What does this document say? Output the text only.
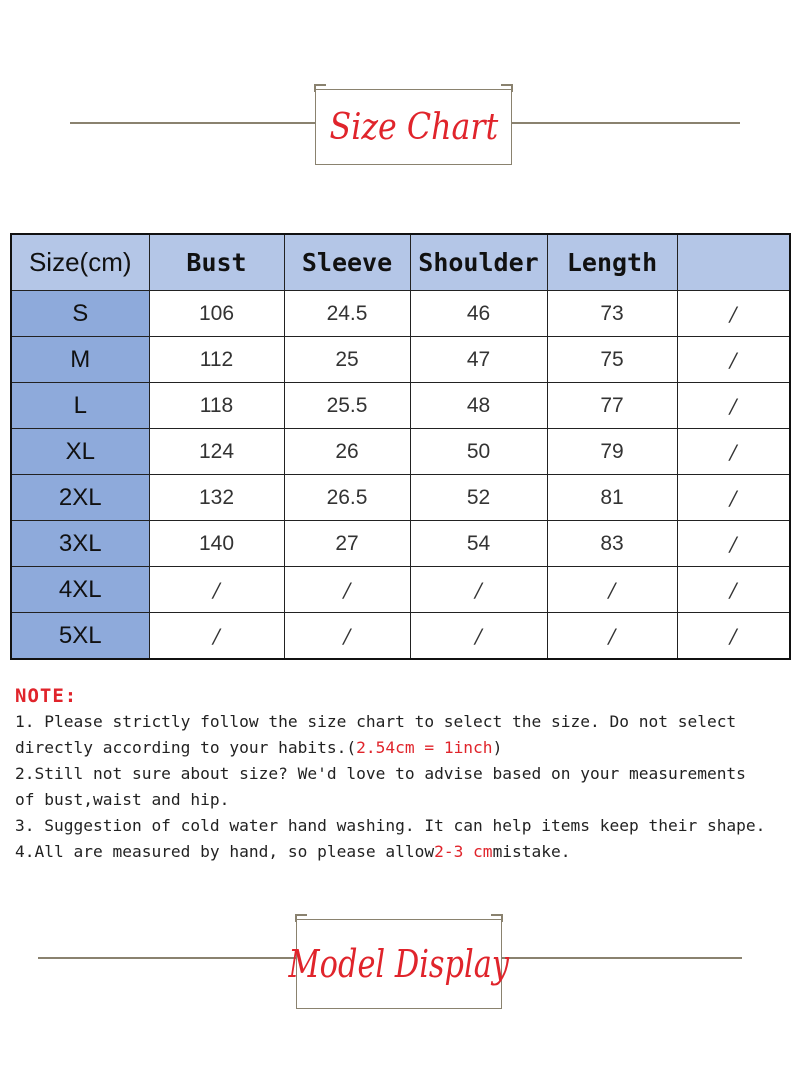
Size Chart
Size(cm)	Bust	Sleeve	Shoulder	Length	
S	106	24.5	46	73	/
M	112	25	47	75	/
L	118	25.5	48	77	/
XL	124	26	50	79	/
2XL	132	26.5	52	81	/
3XL	140	27	54	83	/
4XL	/	/	/	/	/
5XL	/	/	/	/	/

NOTE:

1. Please strictly follow the size chart to select the size. Do not select

directly according to your habits.(2.54cm = 1inch)

2.Still not sure about size? We'd love to advise based on your measurements

of bust,waist and hip.

3. Suggestion of cold water hand washing. It can help items keep their shape.

4.All are measured by hand, so please allow2-3 cmmistake.

Model Display
